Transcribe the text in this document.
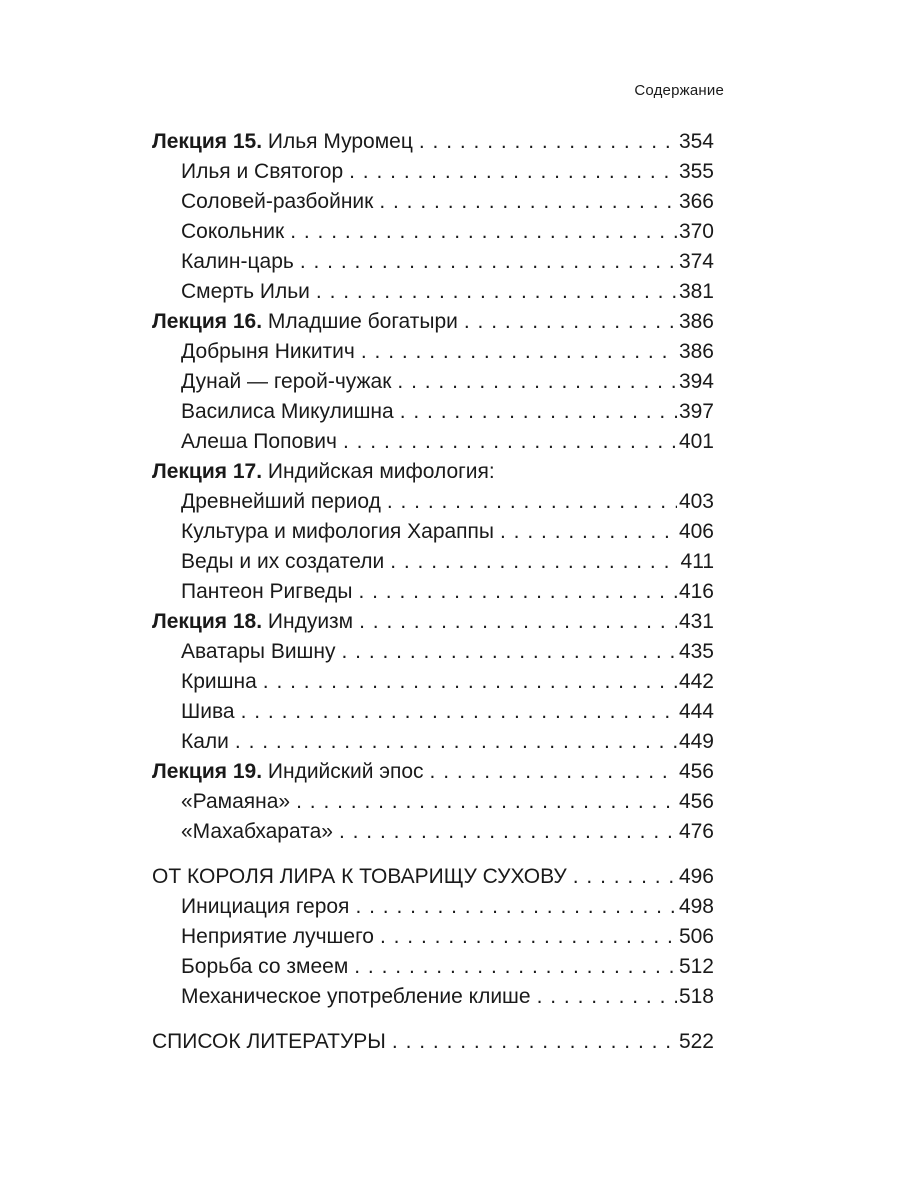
Содержание
Лекция 15. Илья Муромец . . .	354
Илья и Святогор . . .	355
Соловей-разбойник . . .	366
Сокольник . . .	370
Калин-царь . . .	374
Смерть Ильи . . .	381
Лекция 16. Младшие богатыри . . .	386
Добрыня Никитич . . .	386
Дунай — герой-чужак . . .	394
Василиса Микулишна . . .	397
Алеша Попович . . .	401
Лекция 17. Индийская мифология:
Древнейший период . . .	403
Культура и мифология Хараппы . . .	406
Веды и их создатели . . .	411
Пантеон Ригведы . . .	416
Лекция 18. Индуизм . . .	431
Аватары Вишну . . .	435
Кришна . . .	442
Шива . . .	444
Кали . . .	449
Лекция 19. Индийский эпос . . .	456
«Рамаяна» . . .	456
«Махабхарата» . . .	476
ОТ КОРОЛЯ ЛИРА К ТОВАРИЩУ СУХОВУ . . .	496
Инициация героя . . .	498
Неприятие лучшего . . .	506
Борьба со змеем . . .	512
Механическое употребление клише . . .	518
СПИСОК ЛИТЕРАТУРЫ . . .	522
